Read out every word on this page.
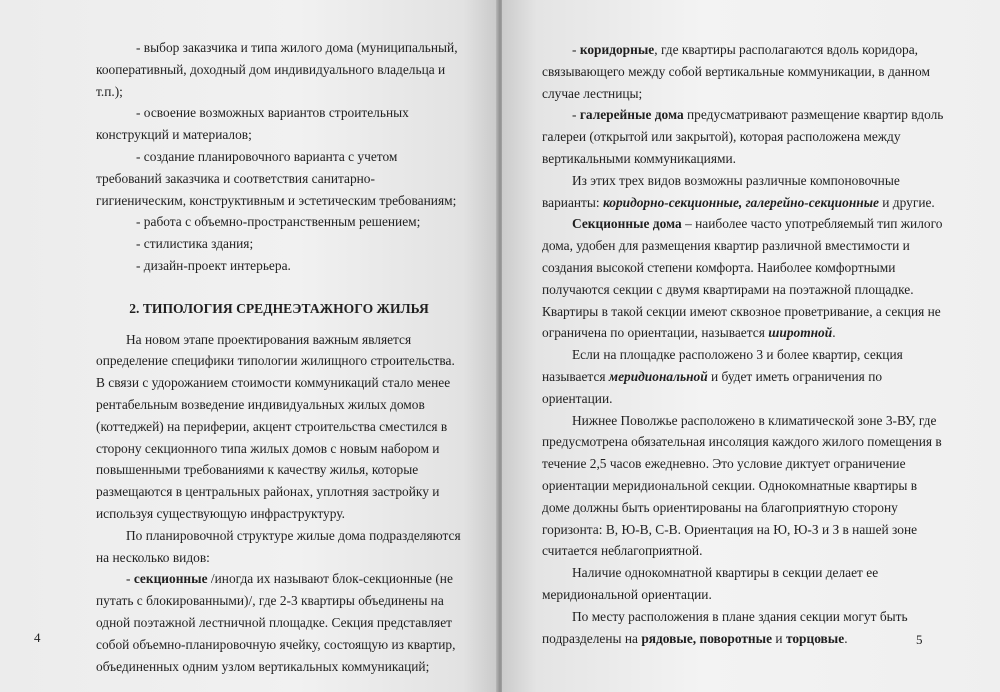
- выбор заказчика и типа жилого дома (муниципальный, кооперативный, доходный дом индивидуального владельца и т.п.);

- освоение возможных вариантов строительных конструкций и материалов;

- создание планировочного варианта с учетом требований заказчика и соответствия санитарно-гигиеническим, конструктивным и эстетическим требованиям;

- работа с объемно-пространственным решением;

- стилистика здания;

- дизайн-проект интерьера.

2. ТИПОЛОГИЯ СРЕДНЕЭТАЖНОГО ЖИЛЬЯ

На новом этапе проектирования важным является определение специфики типологии жилищного строительства. В связи с удорожанием стоимости коммуникаций стало менее рентабельным возведение индивидуальных жилых домов (коттеджей) на периферии, акцент строительства сместился в сторону секционного типа жилых домов с новым набором и повышенными требованиями к качеству жилья, которые размещаются в центральных районах, уплотняя застройку и используя существующую инфраструктуру.

По планировочной структуре жилые дома подразделяются на несколько видов:

- секционные /иногда их называют блок-секционные (не путать с блокированными)/, где 2-3 квартиры объединены на одной поэтажной лестничной площадке. Секция представляет собой объемно-планировочную ячейку, состоящую из квартир, объединенных одним узлом вертикальных коммуникаций;

4

- коридорные, где квартиры располагаются вдоль коридора, связывающего между собой вертикальные коммуникации, в данном случае лестницы;

- галерейные дома предусматривают размещение квартир вдоль галереи (открытой или закрытой), которая расположена между вертикальными коммуникациями.

Из этих трех видов возможны различные компоновочные варианты: коридорно-секционные, галерейно-секционные и другие.

Секционные дома – наиболее часто употребляемый тип жилого дома, удобен для размещения квартир различной вместимости и создания высокой степени комфорта. Наиболее комфортными получаются секции с двумя квартирами на поэтажной площадке. Квартиры в такой секции имеют сквозное проветривание, а секция не ограничена по ориентации, называется широтной.

Если на площадке расположено 3 и более квартир, секция называется меридиональной и будет иметь ограничения по ориентации.

Нижнее Поволжье расположено в климатической зоне 3-ВУ, где предусмотрена обязательная инсоляция каждого жилого помещения в течение 2,5 часов ежедневно. Это условие диктует ограничение ориентации меридиональной секции. Однокомнатные квартиры в доме должны быть ориентированы на благоприятную сторону горизонта: В, Ю-В, С-В. Ориентация на Ю, Ю-З и З в нашей зоне считается неблагоприятной.

Наличие однокомнатной квартиры в секции делает ее меридиональной ориентации.

По месту расположения в плане здания секции могут быть подразделены на рядовые, поворотные и торцовые.	5
